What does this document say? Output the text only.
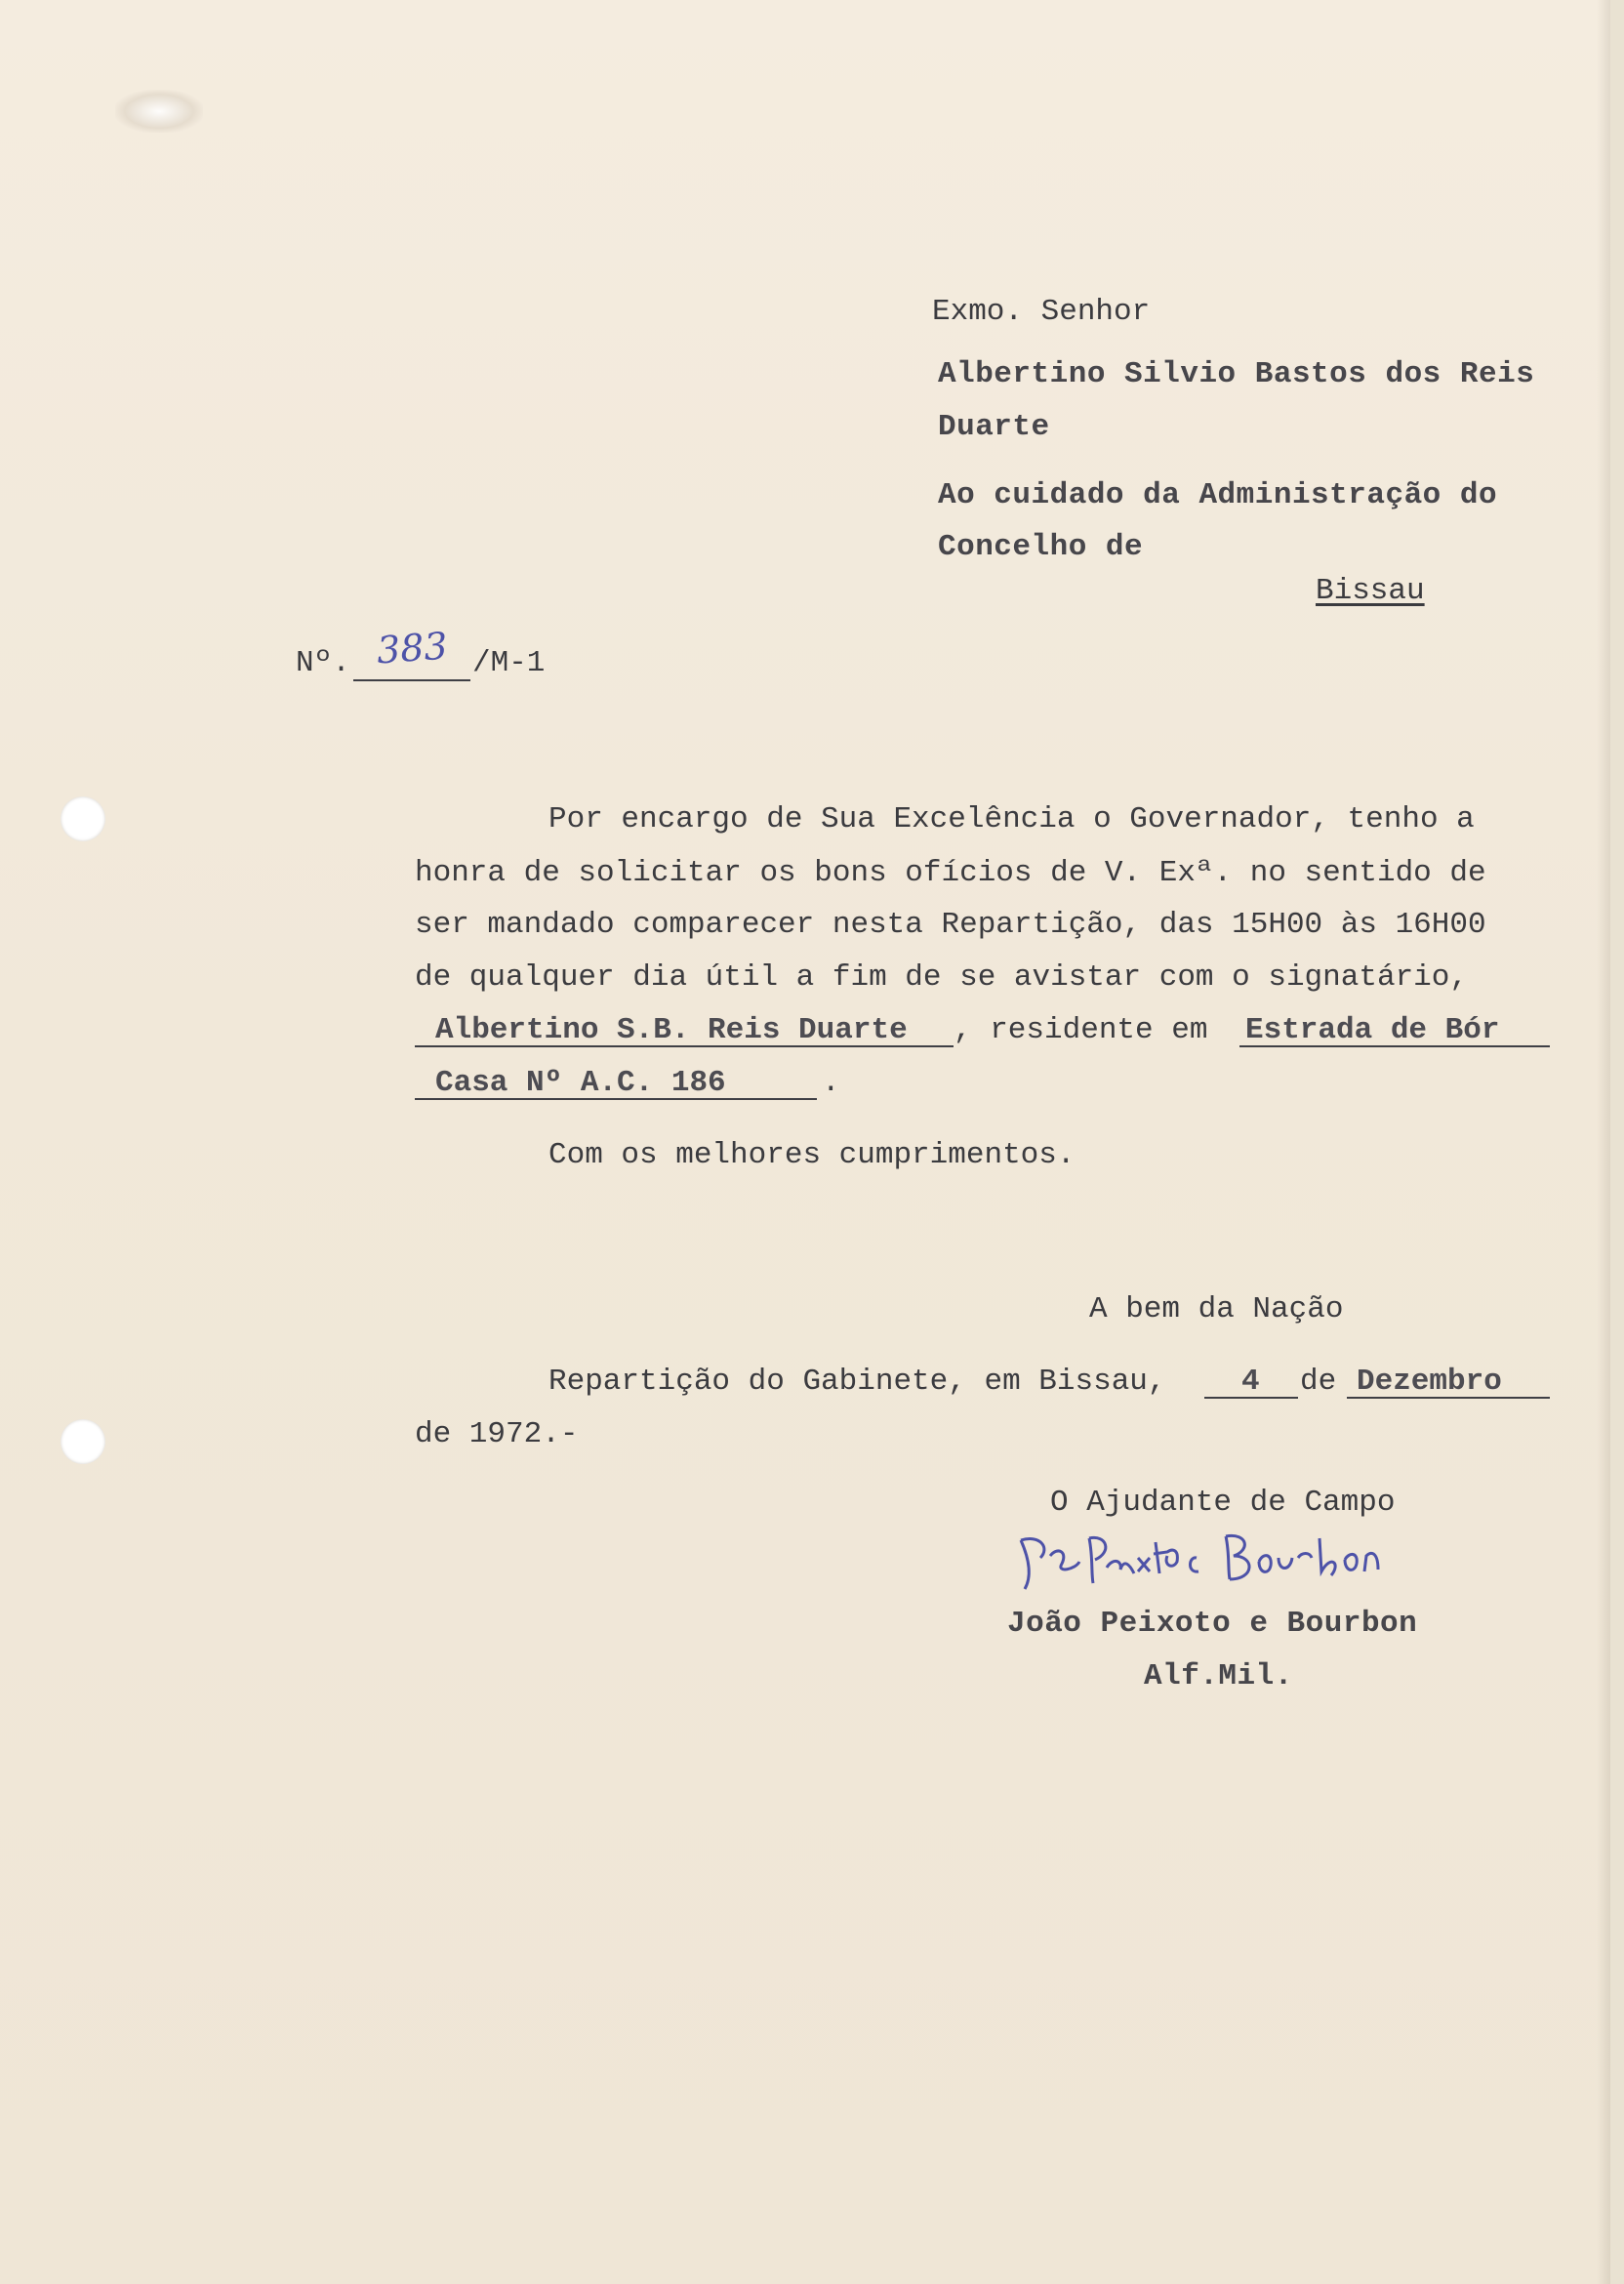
Exmo. Senhor
Albertino Silvio Bastos dos Reis
Duarte
Ao cuidado da Administração do
Concelho de
Bissau
Nº. 383 /M-1
Por encargo de Sua Excelência o Governador, tenho a
honra de solicitar os bons ofícios de V. Exª. no sentido de
ser mandado comparecer nesta Repartição, das 15H00 às 16H00
de qualquer dia útil a fim de se avistar com o signatário,
Albertino S.B. Reis Duarte , residente em Estrada de Bór
Casa Nº A.C. 186	.
Com os melhores cumprimentos.
A bem da Nação
Repartição do Gabinete, em Bissau, 4 de Dezembro
de 1972.-
O Ajudante de Campo
João Peixoto e Bourbon
Alf.Mil.
